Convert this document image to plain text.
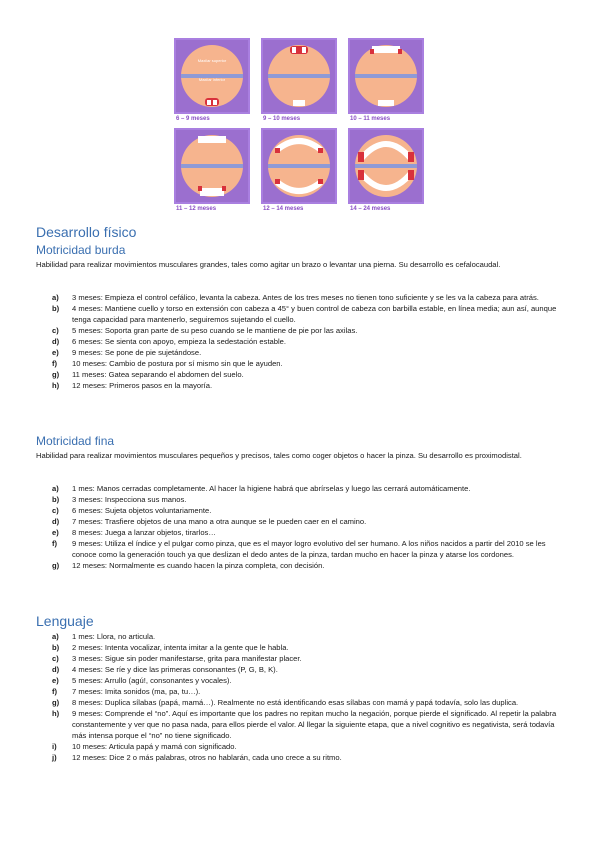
Maxilar superior
Maxilar inferior
6 – 9 meses	9 – 10 meses	10 – 11 meses
11 – 12 meses	12 – 14 meses	14 – 24 meses
Desarrollo físico
Motricidad burda

Habilidad para realizar movimientos musculares grandes, tales como agitar un brazo o levantar una pierna. Su desarrollo es cefalocaudal.

a) 3 meses: Empieza el control cefálico, levanta la cabeza. Antes de los tres meses no tienen tono suficiente y se les va la cabeza para atrás.
b) 4 meses: Mantiene cuello y torso en extensión con cabeza a 45° y buen control de cabeza con barbilla estable, en línea media; aun así, aunque tenga capacidad para mantenerlo, seguiremos sujetando el cuello.
c) 5 meses: Soporta gran parte de su peso cuando se le mantiene de pie por las axilas.
d) 6 meses: Se sienta con apoyo, empieza la sedestación estable.
e) 9 meses: Se pone de pie sujetándose.
f) 10 meses: Cambio de postura por sí mismo sin que le ayuden.
g) 11 meses: Gatea separando el abdomen del suelo.
h) 12 meses: Primeros pasos en la mayoría.
Motricidad fina

Habilidad para realizar movimientos musculares pequeños y precisos, tales como coger objetos o hacer la pinza. Su desarrollo es proximodistal.

a) 1 mes: Manos cerradas completamente. Al hacer la higiene habrá que abrírselas y luego las cerrará automáticamente.
b) 3 meses: Inspecciona sus manos.
c) 6 meses: Sujeta objetos voluntariamente.
d) 7 meses: Trasfiere objetos de una mano a otra aunque se le pueden caer en el camino.
e) 8 meses: Juega a lanzar objetos, tirarlos…
f) 9 meses: Utiliza el índice y el pulgar como pinza, que es el mayor logro evolutivo del ser humano. A los niños nacidos a partir del 2010 se les conoce como la generación touch ya que deslizan el dedo antes de la pinza, tardan mucho en hacer la pinza y atarse los cordones.
g) 12 meses: Normalmente es cuando hacen la pinza completa, con decisión.
Lenguaje
a) 1 mes: Llora, no articula.
b) 2 meses: Intenta vocalizar, intenta imitar a la gente que le habla.
c) 3 meses: Sigue sin poder manifestarse, grita para manifestar placer.
d) 4 meses: Se ríe y dice las primeras consonantes (P, G, B, K).
e) 5 meses: Arrullo (agú!, consonantes y vocales).
f) 7 meses: Imita sonidos (ma, pa, tu…).
g) 8 meses: Duplica sílabas (papá, mamá…). Realmente no está identificando esas sílabas con mamá y papá todavía, solo las duplica.
h) 9 meses: Comprende el “no”. Aquí es importante que los padres no repitan mucho la negación, porque pierde el significado. Al repetir la palabra constantemente y ver que no pasa nada, para ellos pierde el valor. Al llegar la siguiente etapa, que a nivel cognitivo es negativista, será todavía más intensa porque el “no” no tiene significado.
i) 10 meses: Articula papá y mamá con significado.
j) 12 meses: Dice 2 o más palabras, otros no hablarán, cada uno crece a su ritmo.
